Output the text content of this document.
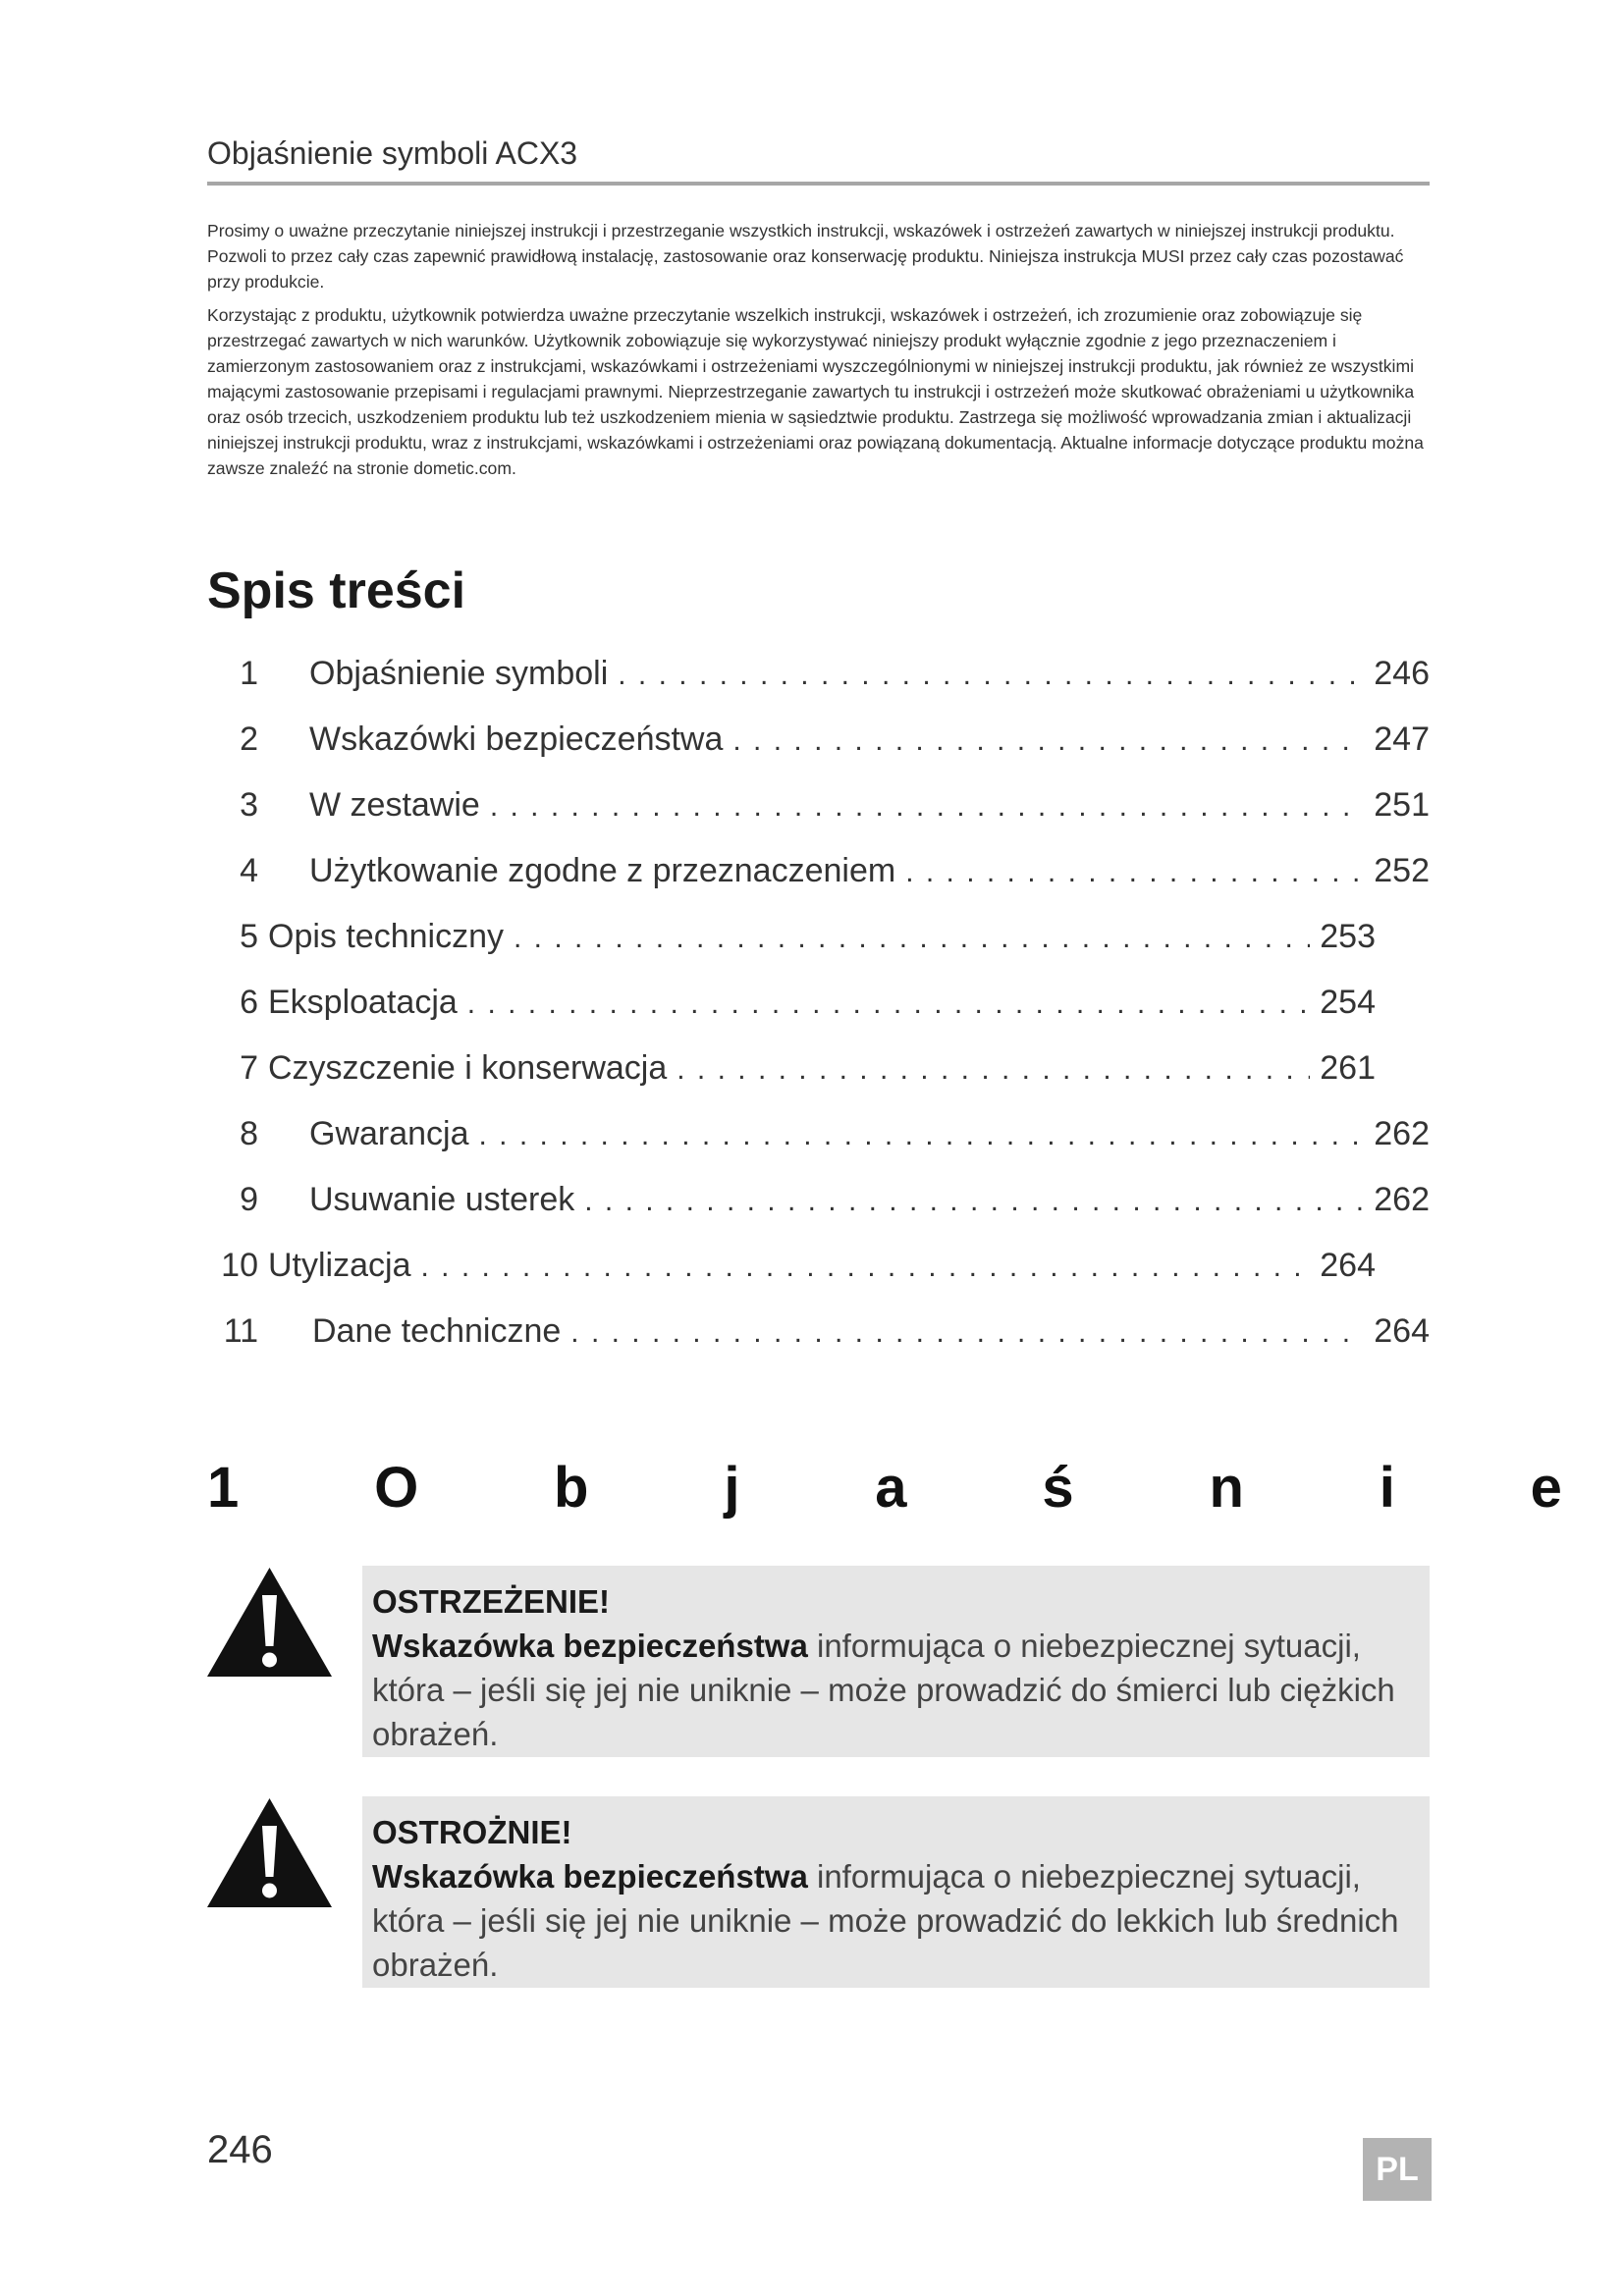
Objaśnienie symboli ACX3

Prosimy o uważne przeczytanie niniejszej instrukcji i przestrzeganie wszystkich instrukcji, wskazówek i ostrzeżeń zawartych w niniejszej instrukcji produktu. Pozwoli to przez cały czas zapewnić prawidłową instalację, zastosowanie oraz konserwację produktu. Niniejsza instrukcja MUSI przez cały czas pozostawać przy produkcie.

Korzystając z produktu, użytkownik potwierdza uważne przeczytanie wszelkich instrukcji, wskazówek i ostrzeżeń, ich zrozumienie oraz zobowiązuje się przestrzegać zawartych w nich warunków. Użytkownik zobowiązuje się wykorzystywać niniejszy produkt wyłącznie zgodnie z jego przeznaczeniem i zamierzonym zastosowaniem oraz z instrukcjami, wskazówkami i ostrzeżeniami wyszczególnionymi w niniejszej instrukcji produktu, jak również ze wszystkimi mającymi zastosowanie przepisami i regulacjami prawnymi. Nieprzestrzeganie zawartych tu instrukcji i ostrzeżeń może skutkować obrażeniami u użytkownika oraz osób trzecich, uszkodzeniem produktu lub też uszkodzeniem mienia w sąsiedztwie produktu. Zastrzega się możliwość wprowadzania zmian i aktualizacji niniejszej instrukcji produktu, wraz z instrukcjami, wskazówkami i ostrzeżeniami oraz powiązaną dokumentacją. Aktualne informacje dotyczące produktu można zawsze znaleźć na stronie dometic.com.

Spis treści
1 Objaśnienie symboli . . .	246
2 Wskazówki bezpieczeństwa . . .	247
3 W zestawie . . .	251
4 Użytkowanie zgodne z przeznaczeniem . . .	252
5 Opis techniczny . . .	253
6 Eksploatacja . . .	254
7 Czyszczenie i konserwacja . . .	261
8 Gwarancja . . .	262
9 Usuwanie usterek . . .	262
10 Utylizacja . . .	264
11 Dane techniczne . . .	264
1 O b j a ś n i e
OSTRZEŻENIE!
Wskazówka bezpieczeństwa informująca o niebezpiecznej sytuacji, która – jeśli się jej nie uniknie – może prowadzić do śmierci lub ciężkich obrażeń.
OSTROŻNIE!
Wskazówka bezpieczeństwa informująca o niebezpiecznej sytuacji, która – jeśli się jej nie uniknie – może prowadzić do lekkich lub średnich obrażeń.
246	PL
